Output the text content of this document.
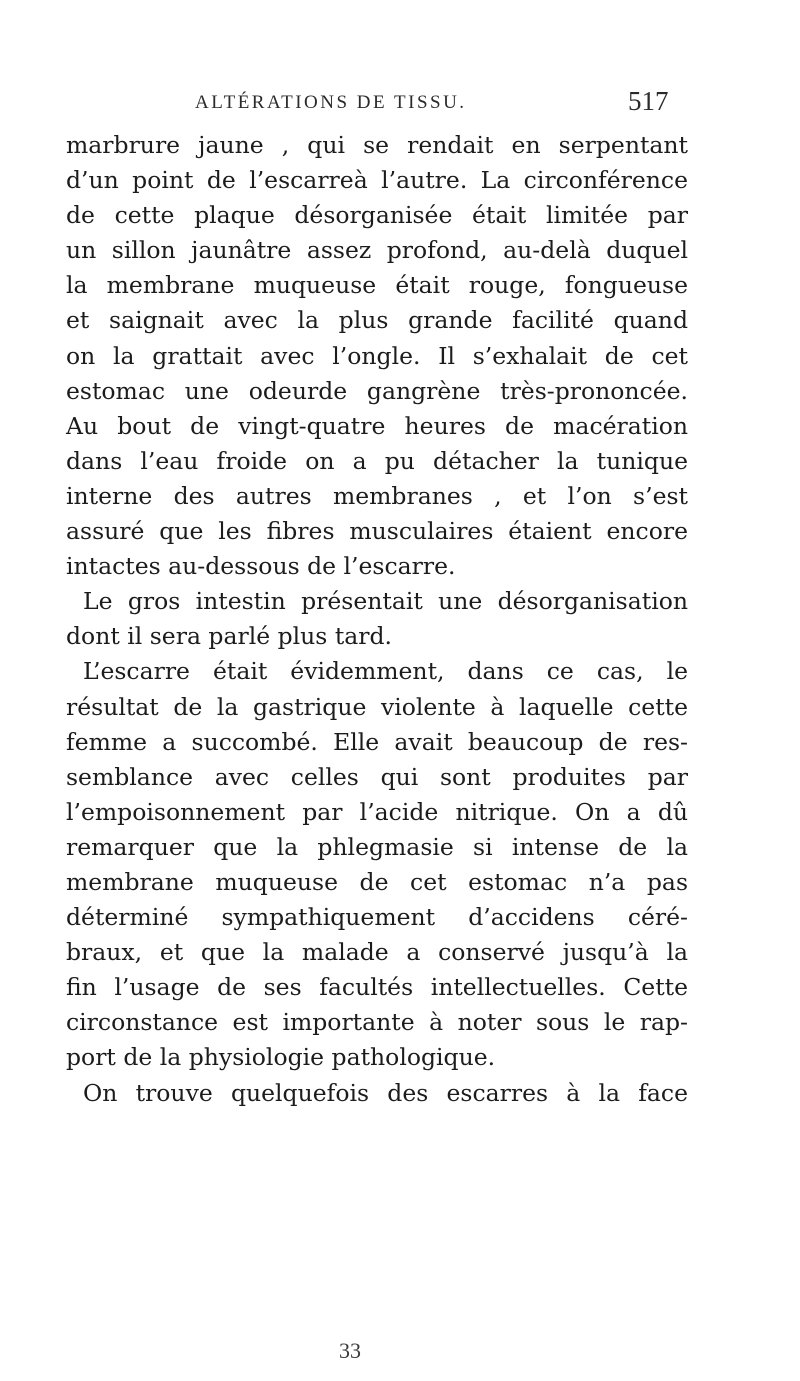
ALTÉRATIONS DE TISSU.	517
marbrure jaune , qui se rendait en serpentant
d’un point de l’escarreà l’autre. La circonférence
de cette plaque désorganisée était limitée par
un sillon jaunâtre assez profond, au-delà duquel
la membrane muqueuse était rouge, fongueuse
et saignait avec la plus grande facilité quand
on la grattait avec l’ongle. Il s’exhalait de cet
estomac une odeurde gangrène très-prononcée.
Au bout de vingt-quatre heures de macération
dans l’eau froide on a pu détacher la tunique
interne des autres membranes , et l’on s’est
assuré que les fibres musculaires étaient encore
intactes au-dessous de l’escarre.
Le gros intestin présentait une désorganisation
dont il sera parlé plus tard.
L’escarre était évidemment, dans ce cas, le
résultat de la gastrique violente à laquelle cette
femme a succombé. Elle avait beaucoup de res-
semblance avec celles qui sont produites par
l’empoisonnement par l’acide nitrique. On a dû
remarquer que la phlegmasie si intense de la
membrane muqueuse de cet estomac n’a pas
déterminé sympathiquement d’accidens céré-
braux, et que la malade a conservé jusqu’à la
fin l’usage de ses facultés intellectuelles. Cette
circonstance est importante à noter sous le rap-
port de la physiologie pathologique.
On trouve quelquefois des escarres à la face
33
